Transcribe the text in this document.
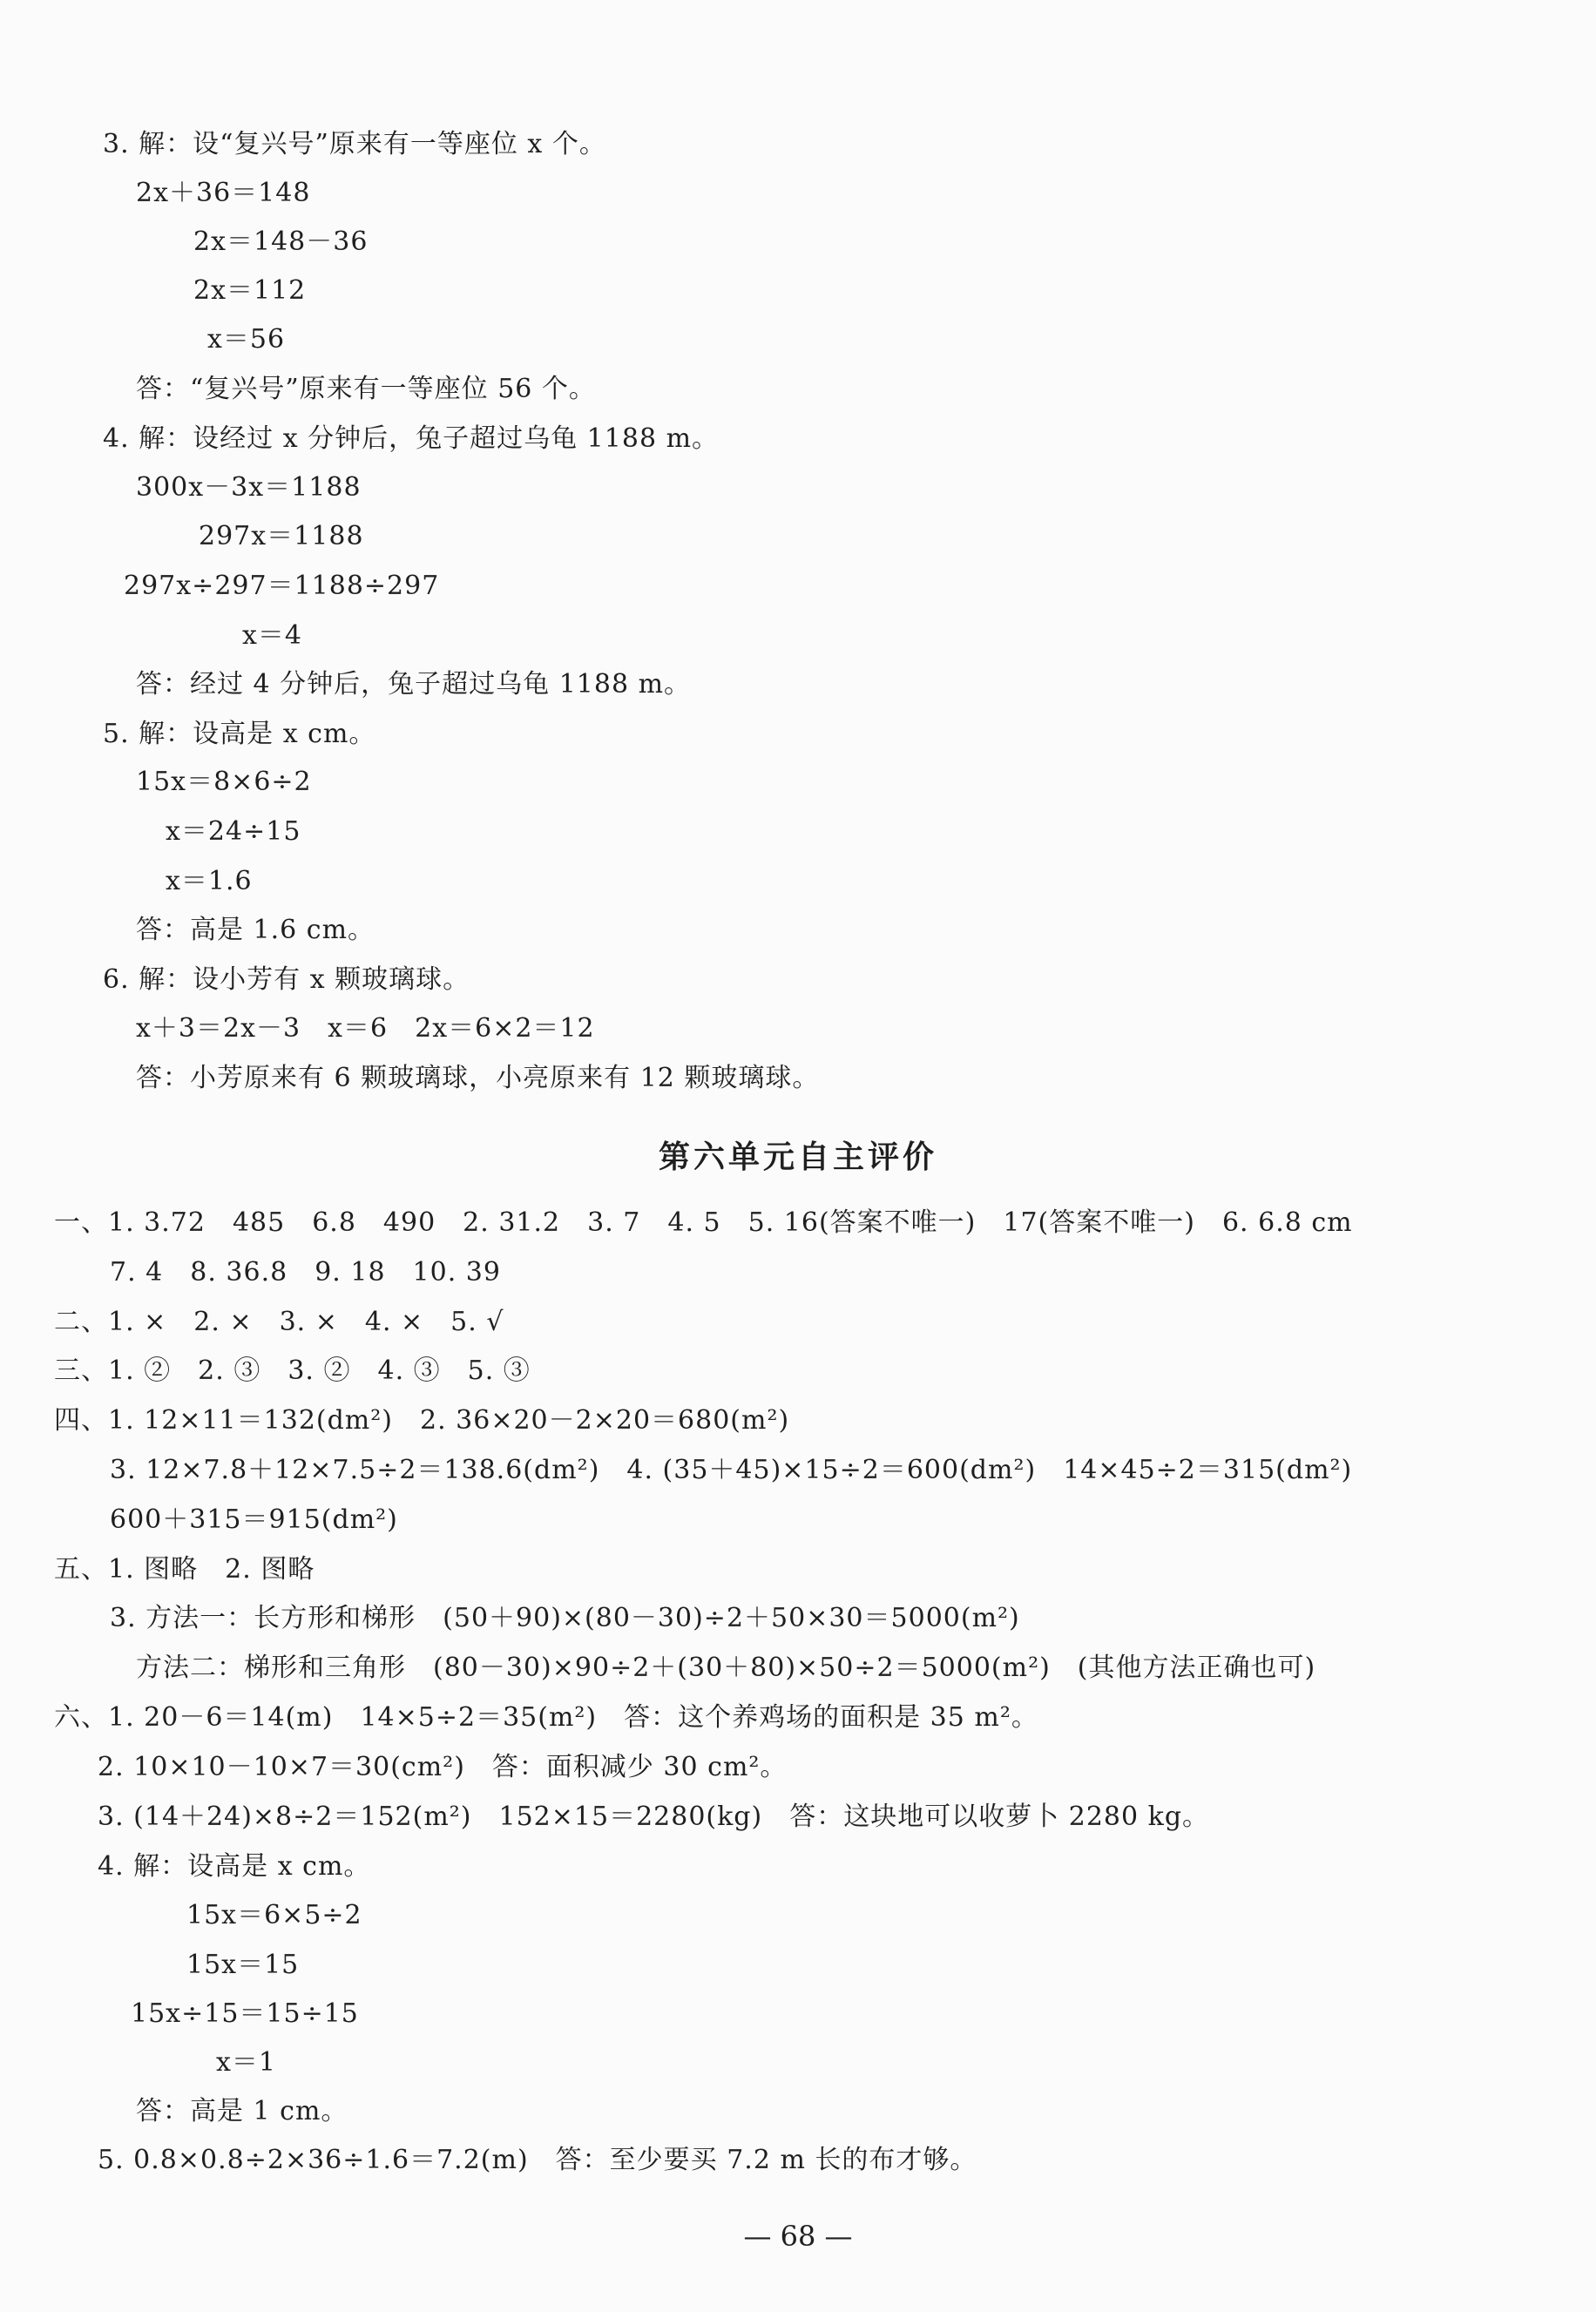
3. 解：设“复兴号”原来有一等座位 x 个。
2x＋36＝148
2x＝148－36
2x＝112
x＝56
答：“复兴号”原来有一等座位 56 个。
4. 解：设经过 x 分钟后，兔子超过乌龟 1188 m。
300x－3x＝1188
297x＝1188
297x÷297＝1188÷297
x＝4
答：经过 4 分钟后，兔子超过乌龟 1188 m。
5. 解：设高是 x cm。
15x＝8×6÷2
x＝24÷15
x＝1.6
答：高是 1.6 cm。
6. 解：设小芳有 x 颗玻璃球。
x＋3＝2x－3　x＝6　2x＝6×2＝12
答：小芳原来有 6 颗玻璃球，小亮原来有 12 颗玻璃球。
第六单元自主评价
一、1. 3.72　485　6.8　490　2. 31.2　3. 7　4. 5　5. 16(答案不唯一)　17(答案不唯一)　6. 6.8 cm
7. 4　8. 36.8　9. 18　10. 39
二、1. ×　2. ×　3. ×　4. ×　5. √
三、1. ②　2. ③　3. ②　4. ③　5. ③
四、1. 12×11＝132(dm²)　2. 36×20－2×20＝680(m²)
3. 12×7.8＋12×7.5÷2＝138.6(dm²)　4. (35＋45)×15÷2＝600(dm²)　14×45÷2＝315(dm²)
600＋315＝915(dm²)
五、1. 图略　2. 图略
3. 方法一：长方形和梯形　(50＋90)×(80－30)÷2＋50×30＝5000(m²)
方法二：梯形和三角形　(80－30)×90÷2＋(30＋80)×50÷2＝5000(m²)　(其他方法正确也可)
六、1. 20－6＝14(m)　14×5÷2＝35(m²)　答：这个养鸡场的面积是 35 m²。
2. 10×10－10×7＝30(cm²)　答：面积减少 30 cm²。
3. (14＋24)×8÷2＝152(m²)　152×15＝2280(kg)　答：这块地可以收萝卜 2280 kg。
4. 解：设高是 x cm。
15x＝6×5÷2
15x＝15
15x÷15＝15÷15
x＝1
答：高是 1 cm。
5. 0.8×0.8÷2×36÷1.6＝7.2(m)　答：至少要买 7.2 m 长的布才够。
— 68 —
